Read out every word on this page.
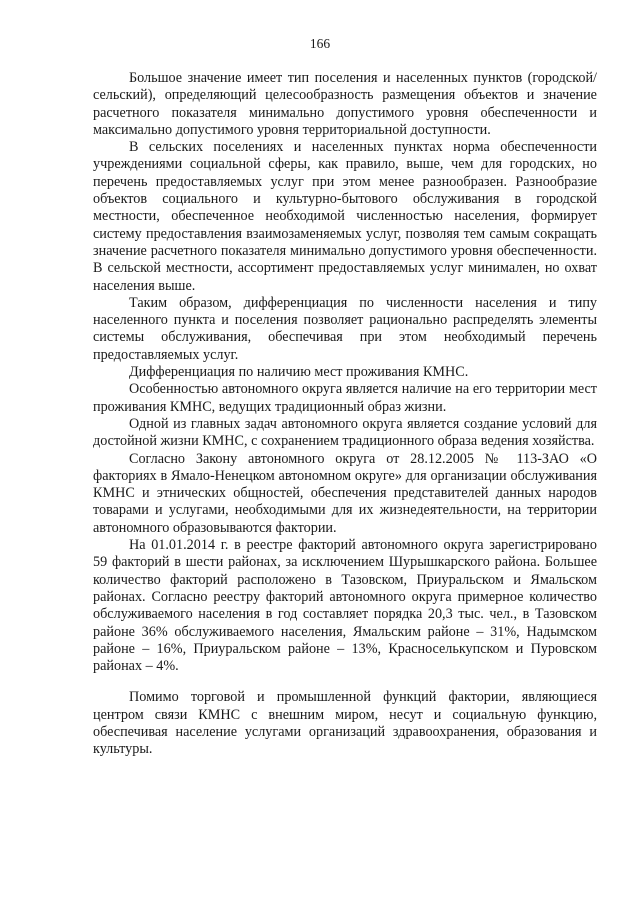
166

Большое значение имеет тип поселения и населенных пунктов (городской/сельский), определяющий целесообразность размещения объектов и значение расчетного показателя минимально допустимого уровня обеспеченности и максимально допустимого уровня территориальной доступности.

В сельских поселениях и населенных пунктах норма обеспеченности учреждениями социальной сферы, как правило, выше, чем для городских, но перечень предоставляемых услуг при этом менее разнообразен. Разнообразие объектов социального и культурно-бытового обслуживания в городской местности, обеспеченное необходимой численностью населения, формирует систему предоставления взаимозаменяемых услуг, позволяя тем самым сокращать значение расчетного показателя минимально допустимого уровня обеспеченности. В сельской местности, ассортимент предоставляемых услуг минимален, но охват населения выше.

Таким образом, дифференциация по численности населения и типу населенного пункта и поселения позволяет рационально распределять элементы системы обслуживания, обеспечивая при этом необходимый перечень предоставляемых услуг.

Дифференциация по наличию мест проживания КМНС.

Особенностью автономного округа является наличие на его территории мест проживания КМНС, ведущих традиционный образ жизни.

Одной из главных задач автономного округа является создание условий для достойной жизни КМНС, с сохранением традиционного образа ведения хозяйства.

Согласно Закону автономного округа от 28.12.2005 № 113-ЗАО «О факториях в Ямало-Ненецком автономном округе» для организации обслуживания КМНС и этнических общностей, обеспечения представителей данных народов товарами и услугами, необходимыми для их жизнедеятельности, на территории автономного образовываются фактории.

На 01.01.2014 г. в реестре факторий автономного округа зарегистрировано 59 факторий в шести районах, за исключением Шурышкарского района. Большее количество факторий расположено в Тазовском, Приуральском и Ямальском районах. Согласно реестру факторий автономного округа примерное количество обслуживаемого населения в год составляет порядка 20,3 тыс. чел., в Тазовском районе 36% обслуживаемого населения, Ямальским районе – 31%, Надымском районе – 16%, Приуральском районе – 13%, Красноселькупском и Пуровском районах – 4%.

Помимо торговой и промышленной функций фактории, являющиеся центром связи КМНС с внешним миром, несут и социальную функцию, обеспечивая население услугами организаций здравоохранения, образования и культуры.
